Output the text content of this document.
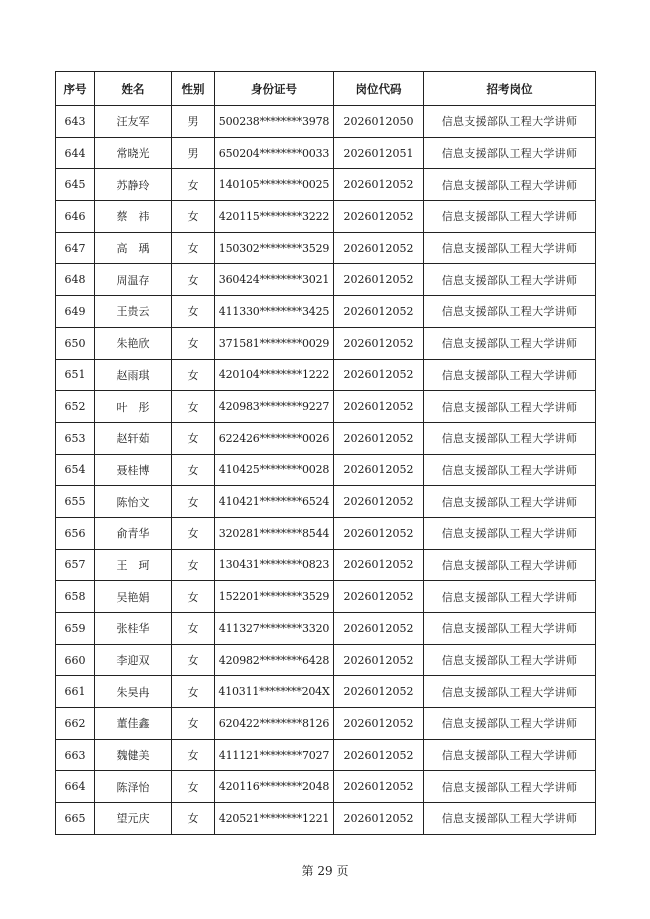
序号	姓名	性别	身份证号	岗位代码	招考岗位
643	汪友军	男	500238********3978	2026012050	信息支援部队工程大学讲师
644	常晓光	男	650204********0033	2026012051	信息支援部队工程大学讲师
645	苏静玲	女	140105********0025	2026012052	信息支援部队工程大学讲师
646	蔡　祎	女	420115********3222	2026012052	信息支援部队工程大学讲师
647	高　瑀	女	150302********3529	2026012052	信息支援部队工程大学讲师
648	周温存	女	360424********3021	2026012052	信息支援部队工程大学讲师
649	王贵云	女	411330********3425	2026012052	信息支援部队工程大学讲师
650	朱艳欣	女	371581********0029	2026012052	信息支援部队工程大学讲师
651	赵雨琪	女	420104********1222	2026012052	信息支援部队工程大学讲师
652	叶　彤	女	420983********9227	2026012052	信息支援部队工程大学讲师
653	赵轩茹	女	622426********0026	2026012052	信息支援部队工程大学讲师
654	聂桂博	女	410425********0028	2026012052	信息支援部队工程大学讲师
655	陈怡文	女	410421********6524	2026012052	信息支援部队工程大学讲师
656	俞青华	女	320281********8544	2026012052	信息支援部队工程大学讲师
657	王　珂	女	130431********0823	2026012052	信息支援部队工程大学讲师
658	吴艳娟	女	152201********3529	2026012052	信息支援部队工程大学讲师
659	张桂华	女	411327********3320	2026012052	信息支援部队工程大学讲师
660	李迎双	女	420982********6428	2026012052	信息支援部队工程大学讲师
661	朱昊冉	女	410311********204X	2026012052	信息支援部队工程大学讲师
662	董佳鑫	女	620422********8126	2026012052	信息支援部队工程大学讲师
663	魏健美	女	411121********7027	2026012052	信息支援部队工程大学讲师
664	陈泽怡	女	420116********2048	2026012052	信息支援部队工程大学讲师
665	望元庆	女	420521********1221	2026012052	信息支援部队工程大学讲师
第 29 页
